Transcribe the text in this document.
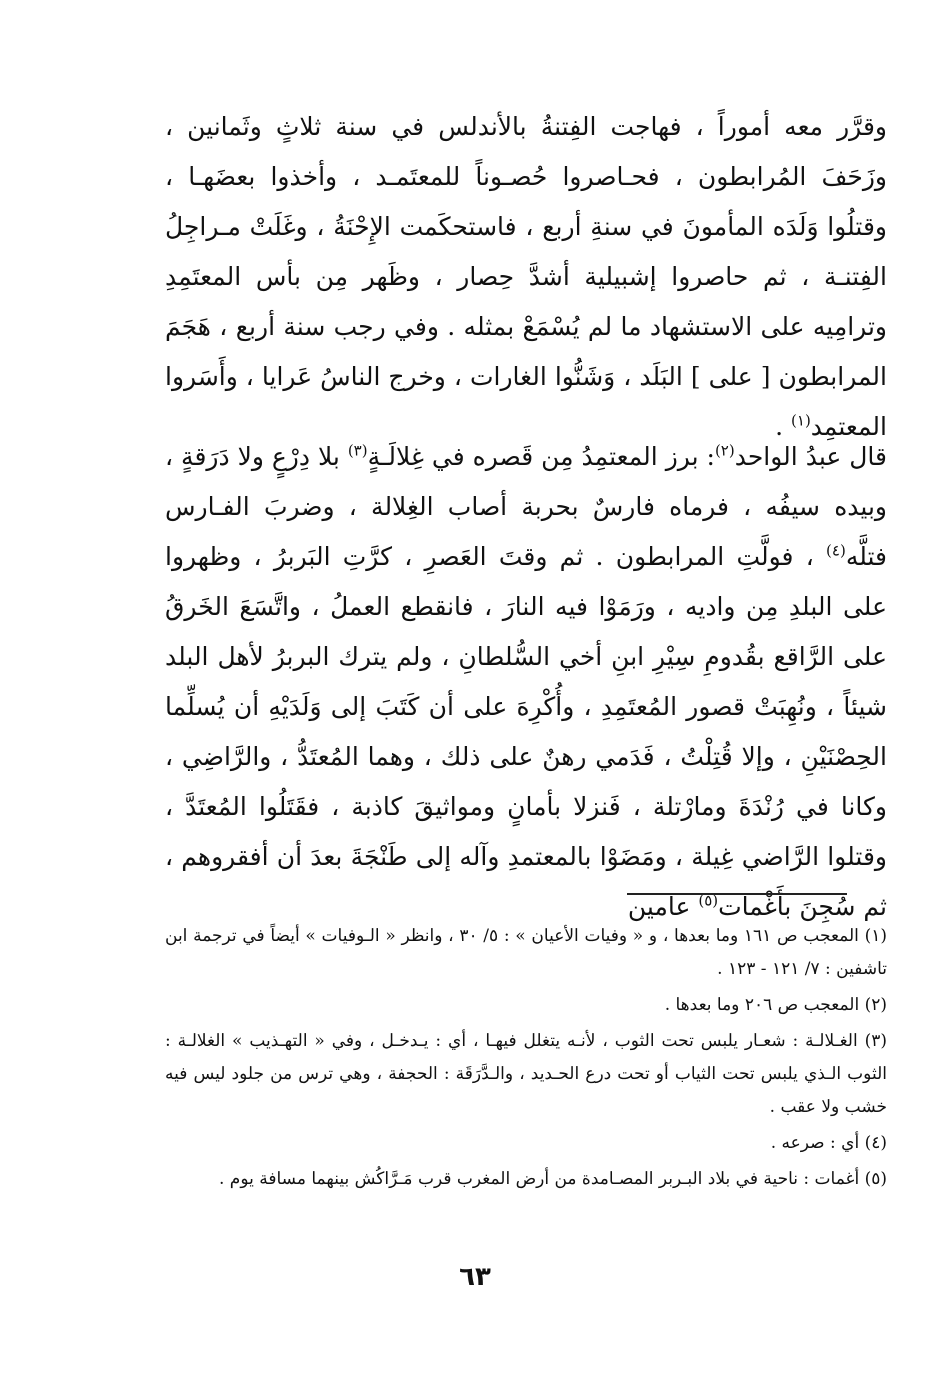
وقرَّر معه أموراً ، فهاجت الفِتنةُ بالأندلس في سنة ثلاثٍ وثَمانين ، وزَحَفَ المُرابطون ، فحـاصروا حُصـوناً للمعتَمـد ، وأخذوا بعضَهـا ، وقتلُوا وَلَدَه المأمونَ في سنةِ أربع ، فاستحكَمت الإِحْنَةُ ، وغَلَتْ مـراجِلُ الفِتنـة ، ثم حاصروا إشبيلية أشدَّ حِصار ، وظَهر مِن بأس المعتَمِدِ وترامِيه على الاستشهاد ما لم يُسْمَعْ بمثله . وفي رجب سنة أربع ، هَجَمَ المرابطون [ على ] البَلَد ، وَشَنُّوا الغارات ، وخرج الناسُ عَرايا ، وأَسَروا المعتمِد$^{(١)}$ .

قال عبدُ الواحد$^{(٢)}$: برز المعتمِدُ مِن قَصره في غِلالَـةٍ$^{(٣)}$ بلا دِرْعٍ ولا دَرَقةٍ ، وبيده سيفُه ، فرماه فارسٌ بحربة أصاب الغِلالة ، وضربَ الفـارس فتلَّه$^{(٤)}$ ، فولَّتِ المرابطون . ثم وقتَ العَصرِ ، كرَّتِ البَربرُ ، وظهروا على البلدِ مِن واديه ، ورَمَوْا فيه النارَ ، فانقطع العملُ ، واتَّسَعَ الخَرقُ على الرَّاقع بقُدومِ سِيْرِ ابنِ أخي السُّلطانِ ، ولم يترك البربرُ لأهل البلد شيئاً ، ونُهِبَتْ قصور المُعتَمِدِ ، وأُكْرِهَ على أن كَتَبَ إلى وَلَدَيْهِ أن يُسلِّما الحِصْنَيْنِ ، وإلا قُتِلْتُ ، فَدَمي رهنٌ على ذلك ، وهما المُعتَدُّ ، والرَّاضِي ، وكانا في رُنْدَةَ ومارْتلة ، فَنزلا بأمانٍ ومواثيقَ كاذبة ، فقَتَلُوا المُعتَدَّ ، وقتلوا الرَّاضي غِيلة ، ومَضَوْا بالمعتمدِ وآله إلى طَنْجَةَ بعدَ أن أفقروهم ، ثم سُجِنَ بأَغْمات$^{(٥)}$ عامين

(١) المعجب ص ١٦١ وما بعدها ، و « وفيات الأعيان » : ٥/ ٣٠ ، وانظر « الـوفيات » أيضاً في ترجمة ابن تاشفين : ٧/ ١٢١ - ١٢٣ .

(٢) المعجب ص ٢٠٦ وما بعدها .

(٣) الغـلالـة : شعـار يلبس تحت الثوب ، لأنـه يتغلل فيهـا ، أي : يـدخـل ، وفي « التهـذيب » الغلالـة : الثوب الـذي يلبس تحت الثياب أو تحت درع الحـديد ، والـدَّرَقَة : الحجفة ، وهي ترس من جلود ليس فيه خشب ولا عقب .

(٤) أي : صرعه .

(٥) أغمات : ناحية في بلاد البـربر المصـامدة من أرض المغرب قرب مَـرَّاكُش بينهما مسافة يوم .

٦٣
